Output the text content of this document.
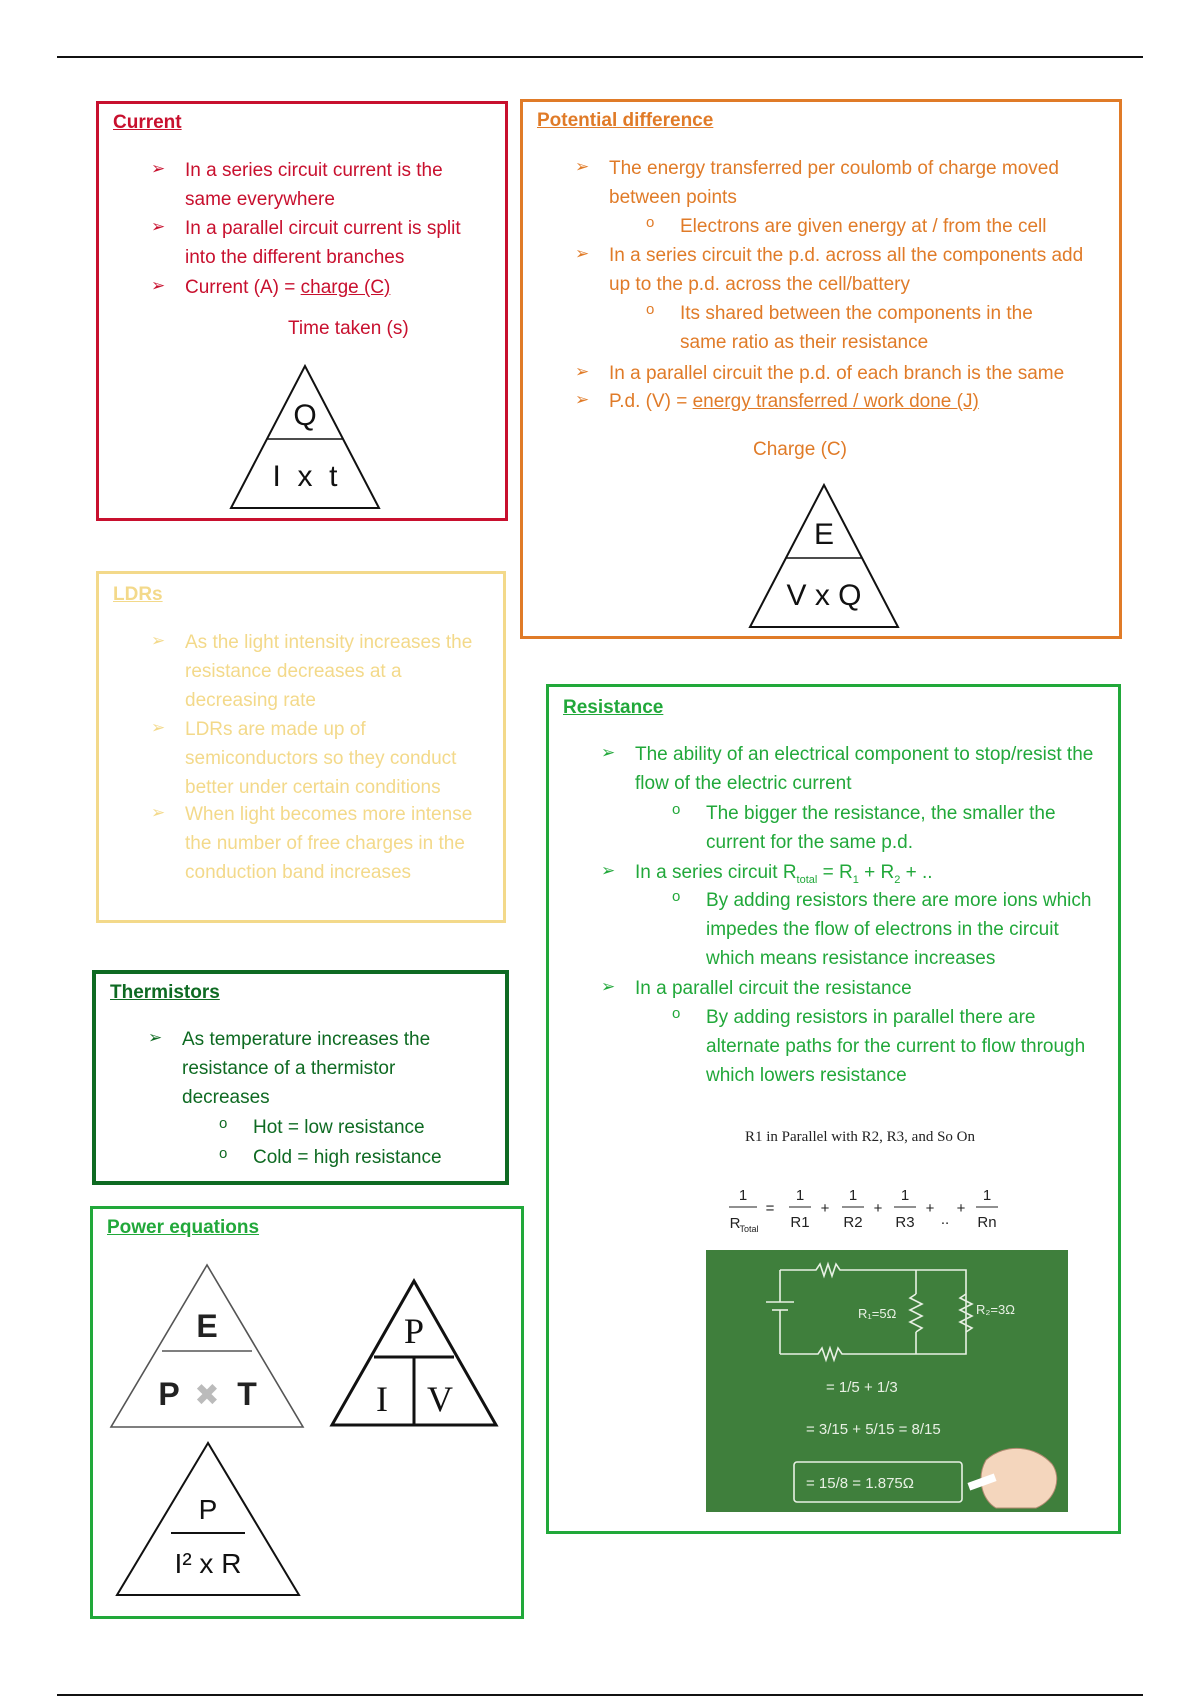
Current
➢ In a series circuit current is the same everywhere
➢ In a parallel circuit current is split into the different branches
➢ Current (A) = charge (C)
Time taken (s)
Q
I  x  t
Potential difference
➢ The energy transferred per coulomb of charge moved between points
o Electrons are given energy at / from the cell
➢ In a series circuit the p.d. across all the components add up to the p.d. across the cell/battery
o Its shared between the components in the same ratio as their resistance
➢ In a parallel circuit the p.d. of each branch is the same
➢ P.d. (V) = energy transferred / work done (J)
Charge (C)
E
V x Q
LDRs
➢ As the light intensity increases the resistance decreases at a decreasing rate
➢ LDRs are made up of semiconductors so they conduct better under certain conditions
➢ When light becomes more intense the number of free charges in the conduction band increases
Resistance
➢ The ability of an electrical component to stop/resist the flow of the electric current
o The bigger the resistance, the smaller the current for the same p.d.
➢ In a series circuit $R_{total} = R_1 + R_2$ + ..
o By adding resistors there are more ions which impedes the flow of electrons in the circuit which means resistance increases
➢ In a parallel circuit the resistance
o By adding resistors in parallel there are alternate paths for the current to flow through which lowers resistance
R1 in Parallel with R2, R3, and So On
1
R Total
=
1
R1
+
1
R2
+
1
R3
+
..
+
1
Rn
R₁=5Ω	R₂=3Ω
= 1/5 + 1/3
= 3/15 + 5/15 = 8/15
= 15/8 = 1.875Ω
Thermistors
➢ As temperature increases the resistance of a thermistor decreases
o Hot = low resistance
o Cold = high resistance
Power equations
E
P ✖ T
P
I V
P
I² x R
